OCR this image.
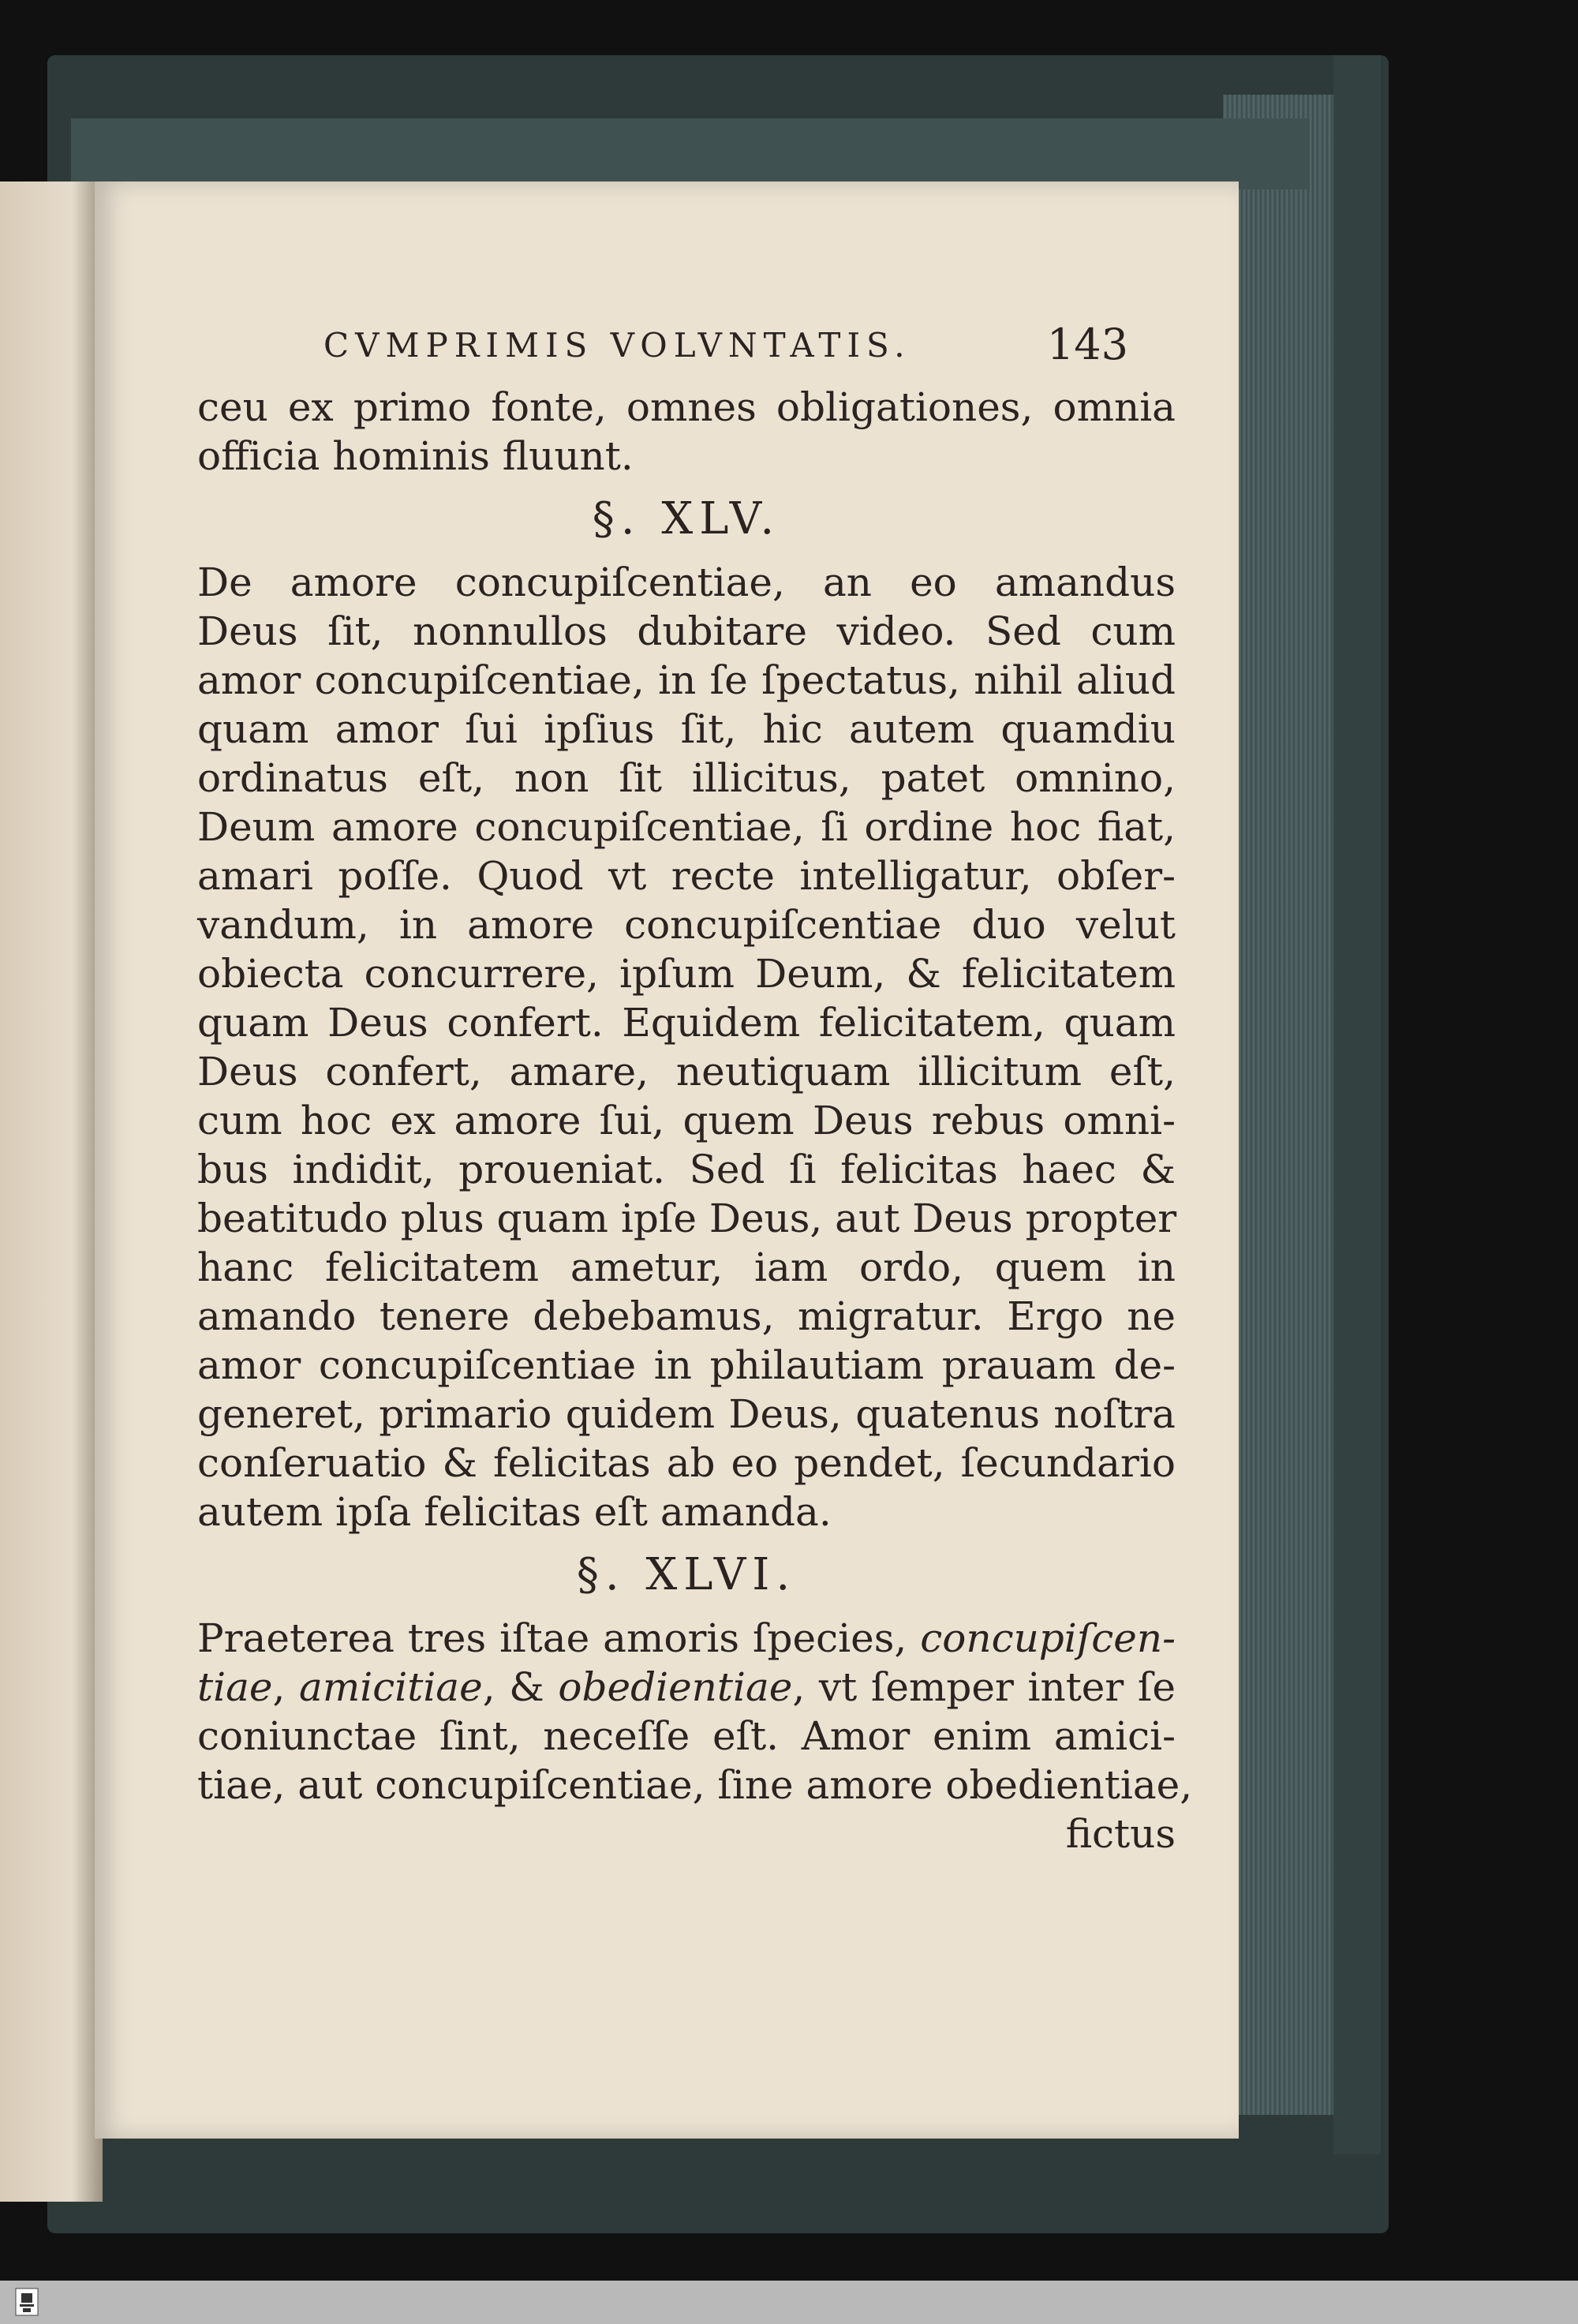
CVMPRIMIS VOLVNTATIS.	143
ceu ex primo fonte, omnes obligationes, omnia
officia hominis fluunt.
§. XLV.
De amore concupiſcentiae, an eo amandus
Deus ſit, nonnullos dubitare video. Sed cum
amor concupiſcentiae, in ſe ſpectatus, nihil aliud
quam amor ſui ipſius ſit, hic autem quamdiu
ordinatus eſt, non ſit illicitus, patet omnino,
Deum amore concupiſcentiae, ſi ordine hoc fiat,
amari poſſe. Quod vt recte intelligatur, obſer-
vandum, in amore concupiſcentiae duo velut
obiecta concurrere, ipſum Deum, & felicitatem
quam Deus confert. Equidem felicitatem, quam
Deus confert, amare, neutiquam illicitum eſt,
cum hoc ex amore ſui, quem Deus rebus omni-
bus indidit, proueniat. Sed ſi felicitas haec &
beatitudo plus quam ipſe Deus, aut Deus propter
hanc felicitatem ametur, iam ordo, quem in
amando tenere debebamus, migratur. Ergo ne
amor concupiſcentiae in philautiam prauam de-
generet, primario quidem Deus, quatenus noſtra
conſeruatio & felicitas ab eo pendet, ſecundario
autem ipſa felicitas eſt amanda.
§. XLVI.
Praeterea tres iſtae amoris ſpecies, concupiſcen-
tiae, amicitiae, & obedientiae, vt ſemper inter ſe
coniunctae ſint, neceſſe eſt. Amor enim amici-
tiae, aut concupiſcentiae, ſine amore obedientiae,
fictus
